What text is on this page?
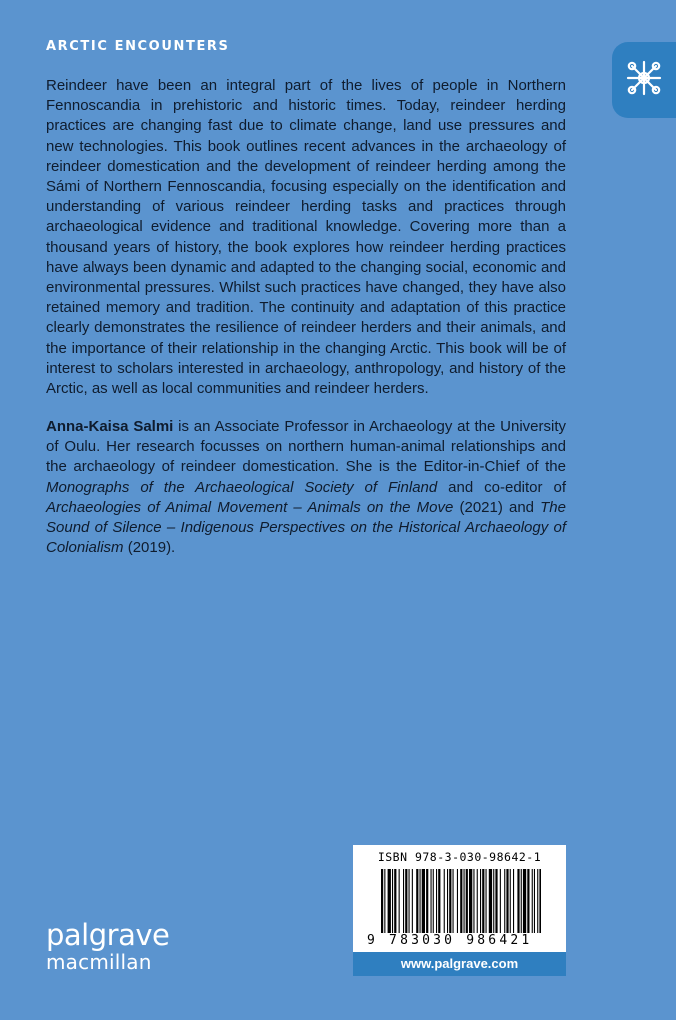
ARCTIC ENCOUNTERS

Reindeer have been an integral part of the lives of people in Northern Fennoscandia in prehistoric and historic times. Today, reindeer herding practices are changing fast due to climate change, land use pressures and new technologies. This book outlines recent advances in the archaeology of reindeer domestication and the development of reindeer herding among the Sámi of Northern Fennoscandia, focusing especially on the identification and understanding of various reindeer herding tasks and practices through archaeological evidence and traditional knowledge. Covering more than a thousand years of history, the book explores how reindeer herding practices have always been dynamic and adapted to the changing social, economic and environmental pressures. Whilst such practices have changed, they have also retained memory and tradition. The continuity and adaptation of this practice clearly demonstrates the resilience of reindeer herders and their animals, and the importance of their relationship in the changing Arctic. This book will be of interest to scholars interested in archaeology, anthropology, and history of the Arctic, as well as local communities and reindeer herders.

Anna-Kaisa Salmi is an Associate Professor in Archaeology at the University of Oulu. Her research focusses on northern human-animal relationships and the archaeology of reindeer domestication. She is the Editor-in-Chief of the Monographs of the Archaeological Society of Finland and co-editor of Archaeologies of Animal Movement – Animals on the Move (2021) and The Sound of Silence – Indigenous Perspectives on the Historical Archaeology of Colonialism (2019).

ISBN 978-3-030-98642-1
9 783030 986421
www.palgrave.com
palgrave
macmillan
